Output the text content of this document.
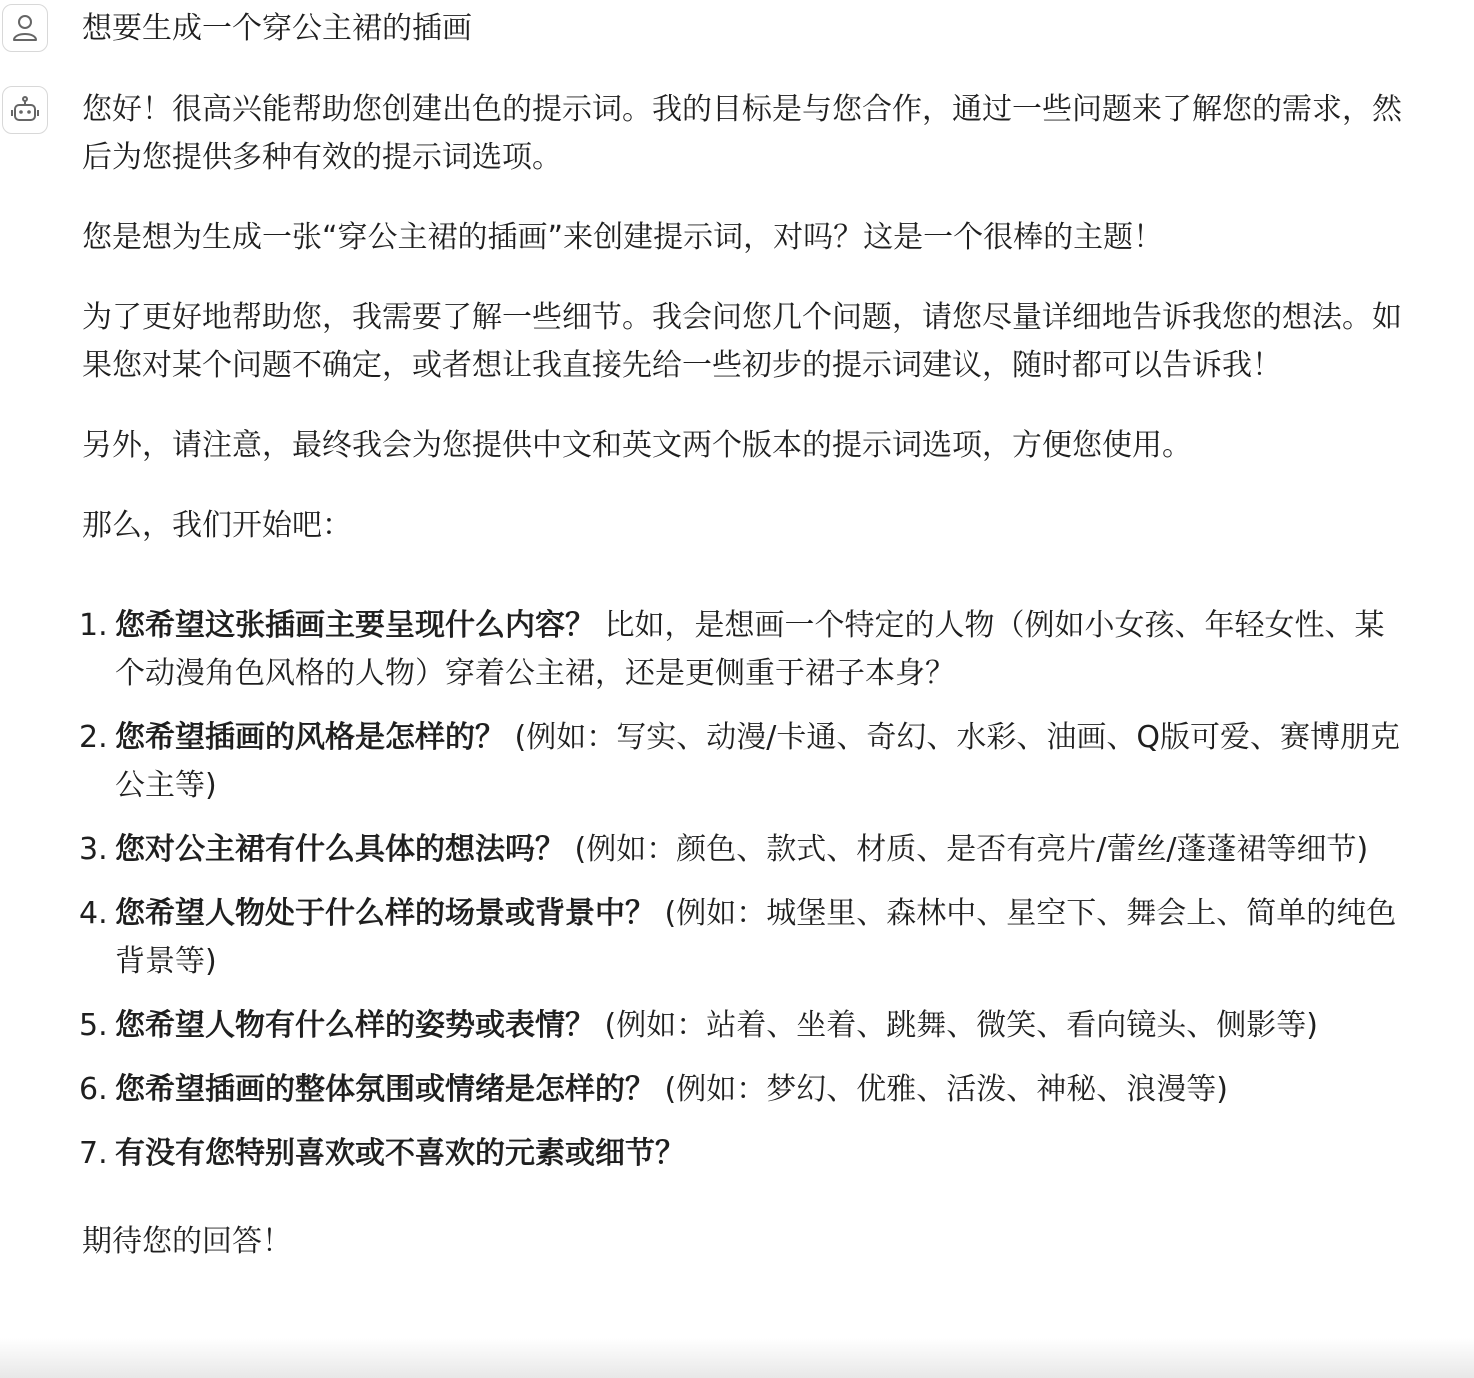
想要生成一个穿公主裙的插画

您好！很高兴能帮助您创建出色的提示词。我的目标是与您合作，通过一些问题来了解您的需求，然后为您提供多种有效的提示词选项。

您是想为生成一张“穿公主裙的插画”来创建提示词，对吗？这是一个很棒的主题！

为了更好地帮助您，我需要了解一些细节。我会问您几个问题，请您尽量详细地告诉我您的想法。如果您对某个问题不确定，或者想让我直接先给一些初步的提示词建议，随时都可以告诉我！

另外，请注意，最终我会为您提供中文和英文两个版本的提示词选项，方便您使用。

那么，我们开始吧：

1. 您希望这张插画主要呈现什么内容？ 比如，是想画一个特定的人物（例如小女孩、年轻女性、某个动漫角色风格的人物）穿着公主裙，还是更侧重于裙子本身？
2. 您希望插画的风格是怎样的？ (例如：写实、动漫/卡通、奇幻、水彩、油画、Q版可爱、赛博朋克公主等)
3. 您对公主裙有什么具体的想法吗？ (例如：颜色、款式、材质、是否有亮片/蕾丝/蓬蓬裙等细节)
4. 您希望人物处于什么样的场景或背景中？ (例如：城堡里、森林中、星空下、舞会上、简单的纯色背景等)
5. 您希望人物有什么样的姿势或表情？ (例如：站着、坐着、跳舞、微笑、看向镜头、侧影等)
6. 您希望插画的整体氛围或情绪是怎样的？ (例如：梦幻、优雅、活泼、神秘、浪漫等)
7. 有没有您特别喜欢或不喜欢的元素或细节？

期待您的回答！
